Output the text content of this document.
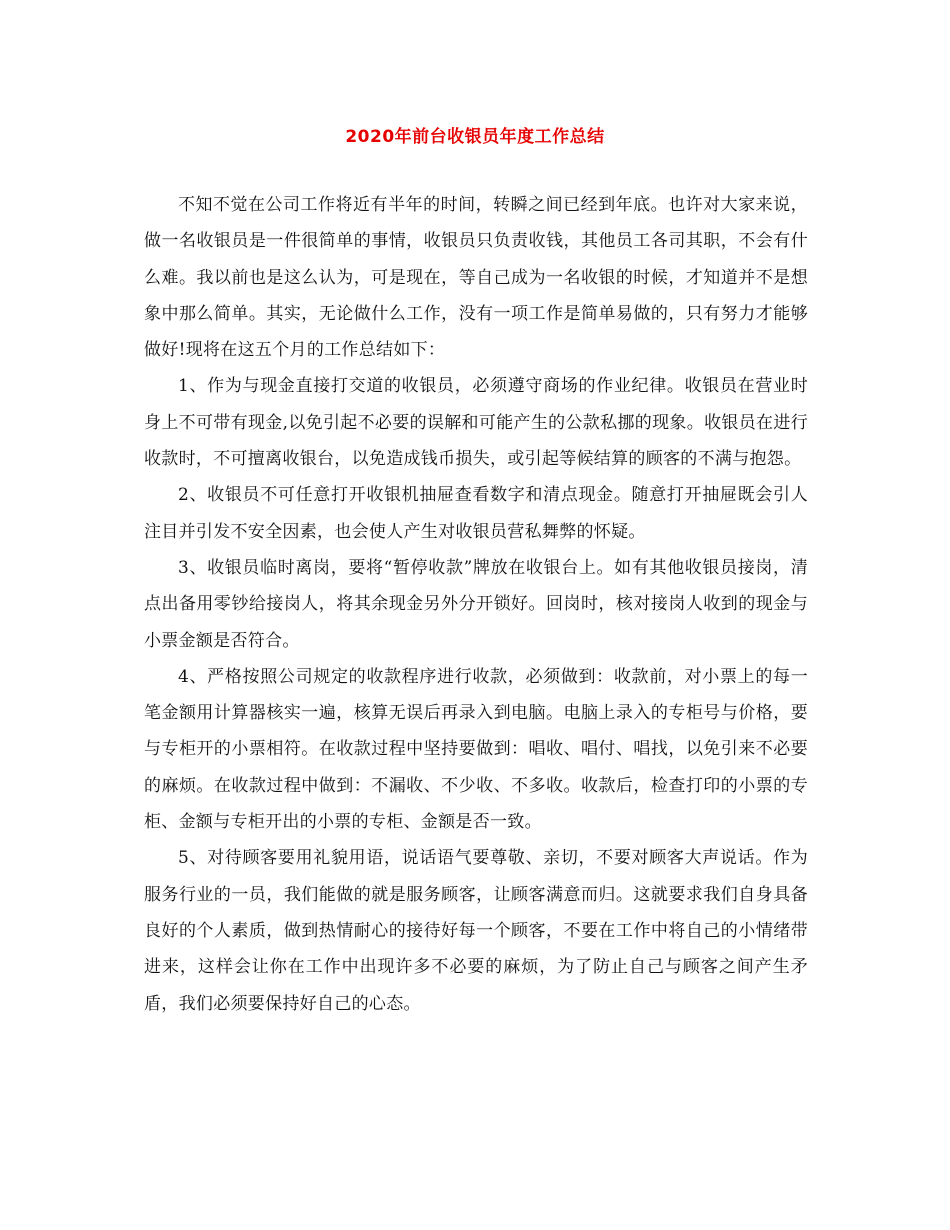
2020年前台收银员年度工作总结

不知不觉在公司工作将近有半年的时间，转瞬之间已经到年底。也许对大家来说，做一名收银员是一件很简单的事情，收银员只负责收钱，其他员工各司其职，不会有什么难。我以前也是这么认为，可是现在，等自己成为一名收银的时候，才知道并不是想象中那么简单。其实，无论做什么工作，没有一项工作是简单易做的，只有努力才能够做好!现将在这五个月的工作总结如下：

1、作为与现金直接打交道的收银员，必须遵守商场的作业纪律。收银员在营业时身上不可带有现金,以免引起不必要的误解和可能产生的公款私挪的现象。收银员在进行收款时，不可擅离收银台，以免造成钱币损失，或引起等候结算的顾客的不满与抱怨。

2、收银员不可任意打开收银机抽屉查看数字和清点现金。随意打开抽屉既会引人注目并引发不安全因素，也会使人产生对收银员营私舞弊的怀疑。

3、收银员临时离岗，要将“暂停收款”牌放在收银台上。如有其他收银员接岗，清点出备用零钞给接岗人，将其余现金另外分开锁好。回岗时，核对接岗人收到的现金与小票金额是否符合。

4、严格按照公司规定的收款程序进行收款，必须做到：收款前，对小票上的每一笔金额用计算器核实一遍，核算无误后再录入到电脑。电脑上录入的专柜号与价格，要与专柜开的小票相符。在收款过程中坚持要做到：唱收、唱付、唱找，以免引来不必要的麻烦。在收款过程中做到：不漏收、不少收、不多收。收款后，检查打印的小票的专柜、金额与专柜开出的小票的专柜、金额是否一致。

5、对待顾客要用礼貌用语，说话语气要尊敬、亲切，不要对顾客大声说话。作为服务行业的一员，我们能做的就是服务顾客，让顾客满意而归。这就要求我们自身具备良好的个人素质，做到热情耐心的接待好每一个顾客，不要在工作中将自己的小情绪带进来，这样会让你在工作中出现许多不必要的麻烦，为了防止自己与顾客之间产生矛盾，我们必须要保持好自己的心态。
